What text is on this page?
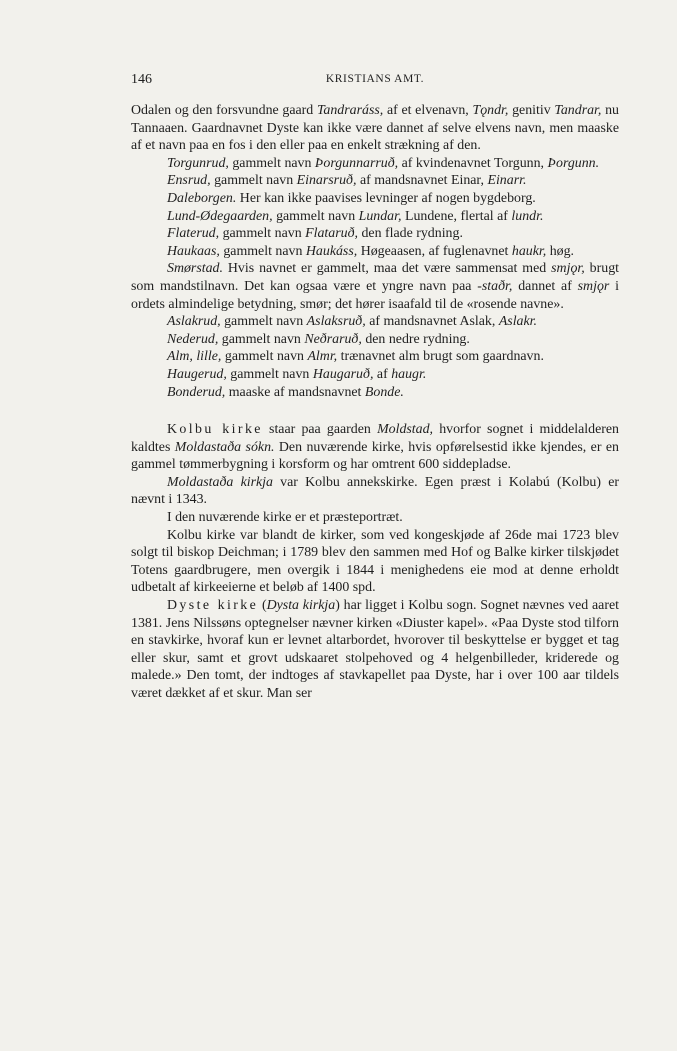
146	KRISTIANS AMT.

Odalen og den forsvundne gaard Tandraráss, af et elvenavn, Tǫndr, genitiv Tandrar, nu Tannaaen. Gaardnavnet Dyste kan ikke være dannet af selve elvens navn, men maaske af et navn paa en fos i den eller paa en enkelt strækning af den.

Torgunrud, gammelt navn Þorgunnarruð, af kvindenavnet Torgunn, Þorgunn.

Ensrud, gammelt navn Einarsruð, af mandsnavnet Einar, Einarr.

Daleborgen. Her kan ikke paavises levninger af nogen bygdeborg.

Lund-Ødegaarden, gammelt navn Lundar, Lundene, flertal af lundr.

Flaterud, gammelt navn Flataruð, den flade rydning.

Haukaas, gammelt navn Haukáss, Høgeaasen, af fuglenavnet haukr, høg.

Smørstad. Hvis navnet er gammelt, maa det være sammensat med smjǫr, brugt som mandstilnavn. Det kan ogsaa være et yngre navn paa -staðr, dannet af smjǫr i ordets almindelige betydning, smør; det hører isaafald til de «rosende navne».

Aslakrud, gammelt navn Aslaksruð, af mandsnavnet Aslak, Aslakr.

Nederud, gammelt navn Neðraruð, den nedre rydning.

Alm, lille, gammelt navn Almr, trænavnet alm brugt som gaardnavn.

Haugerud, gammelt navn Haugaruð, af haugr.

Bonderud, maaske af mandsnavnet Bonde.

Kolbu kirke staar paa gaarden Moldstad, hvorfor sognet i middelalderen kaldtes Moldastaða sókn. Den nuværende kirke, hvis opførelsestid ikke kjendes, er en gammel tømmerbygning i korsform og har omtrent 600 siddepladse.

Moldastaða kirkja var Kolbu annekskirke. Egen præst i Kolabú (Kolbu) er nævnt i 1343.

I den nuværende kirke er et præsteportræt.

Kolbu kirke var blandt de kirker, som ved kongeskjøde af 26de mai 1723 blev solgt til biskop Deichman; i 1789 blev den sammen med Hof og Balke kirker tilskjødet Totens gaardbrugere, men overgik i 1844 i menighedens eie mod at denne erholdt udbetalt af kirkeeierne et beløb af 1400 spd.

Dyste kirke (Dysta kirkja) har ligget i Kolbu sogn. Sognet nævnes ved aaret 1381. Jens Nilssøns optegnelser nævner kirken «Diuster kapel». «Paa Dyste stod tilforn en stavkirke, hvoraf kun er levnet altarbordet, hvorover til beskyttelse er bygget et tag eller skur, samt et grovt udskaaret stolpehoved og 4 helgenbilleder, kriderede og malede.» Den tomt, der indtoges af stavkapellet paa Dyste, har i over 100 aar tildels været dækket af et skur. Man ser
